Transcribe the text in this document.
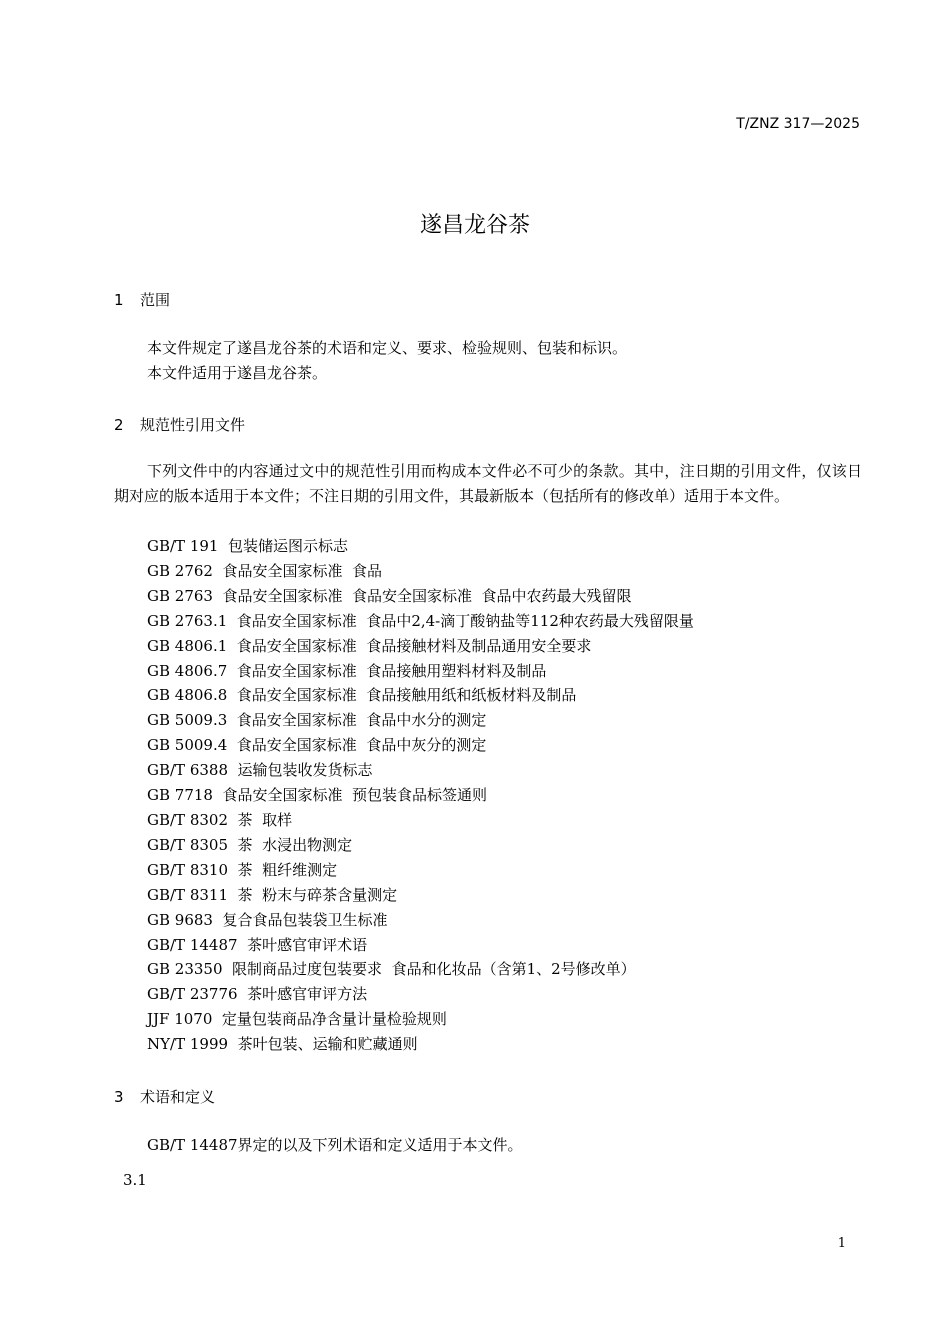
T/ZNZ 317—2025
遂昌龙谷茶
1 范围
本文件规定了遂昌龙谷茶的术语和定义、要求、检验规则、包装和标识。
本文件适用于遂昌龙谷茶。
2 规范性引用文件
下列文件中的内容通过文中的规范性引用而构成本文件必不可少的条款。其中，注日期的引用文件，仅该日期对应的版本适用于本文件；不注日期的引用文件，其最新版本（包括所有的修改单）适用于本文件。
GB/T 191  包装储运图示标志
GB 2762  食品安全国家标准  食品
GB 2763  食品安全国家标准  食品安全国家标准  食品中农药最大残留限
GB 2763.1  食品安全国家标准  食品中2,4-滴丁酸钠盐等112种农药最大残留限量
GB 4806.1  食品安全国家标准  食品接触材料及制品通用安全要求
GB 4806.7  食品安全国家标准  食品接触用塑料材料及制品
GB 4806.8  食品安全国家标准  食品接触用纸和纸板材料及制品
GB 5009.3  食品安全国家标准  食品中水分的测定
GB 5009.4  食品安全国家标准  食品中灰分的测定
GB/T 6388  运输包装收发货标志
GB 7718  食品安全国家标准  预包装食品标签通则
GB/T 8302  茶  取样
GB/T 8305  茶  水浸出物测定
GB/T 8310  茶  粗纤维测定
GB/T 8311  茶  粉末与碎茶含量测定
GB 9683  复合食品包装袋卫生标准
GB/T 14487  茶叶感官审评术语
GB 23350  限制商品过度包装要求  食品和化妆品（含第1、2号修改单）
GB/T 23776  茶叶感官审评方法
JJF 1070  定量包装商品净含量计量检验规则
NY/T 1999  茶叶包装、运输和贮藏通则
3 术语和定义
GB/T 14487界定的以及下列术语和定义适用于本文件。
3.1
1
